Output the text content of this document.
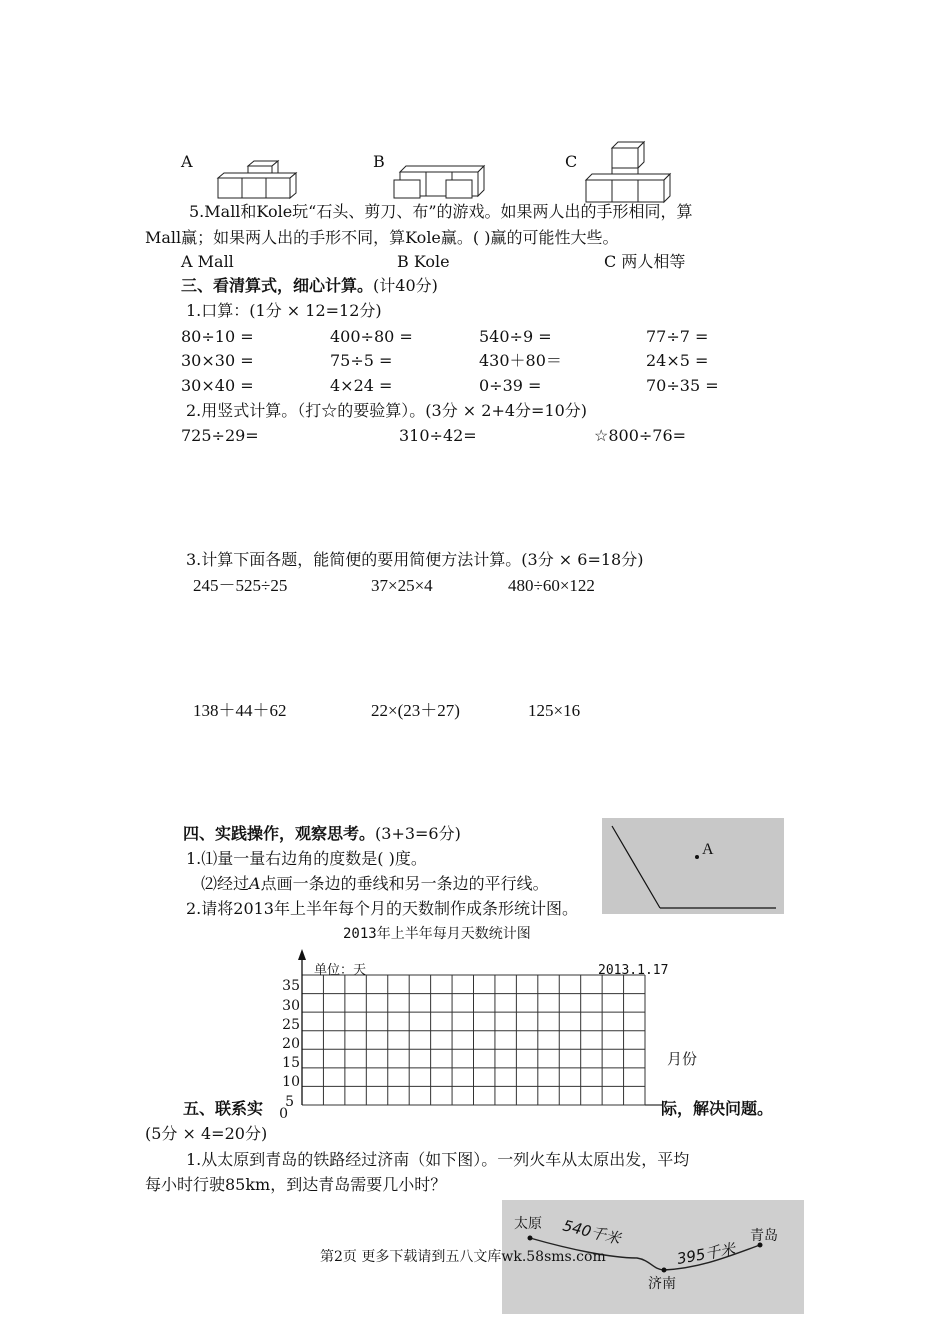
A	B	C
5.Mall和Kole玩“石头、剪刀、布”的游戏。如果两人出的手形相同，算
Mall赢；如果两人出的手形不同，算Kole赢。( )赢的可能性大些。
A Mall	B Kole	C 两人相等
三、看清算式，细心计算。(计40分)
1.口算：(1分 × 12=12分)
80÷10 =	400÷80 =	540÷9 =	77÷7 =
30×30 =	75÷5 =	430＋80＝	24×5 =
30×40 =	4×24 =	0÷39 =	70÷35 =
2.用竖式计算。（打☆的要验算）。(3分 × 2+4分=10分)
725÷29=	310÷42=	☆800÷76=
3.计算下面各题，能简便的要用简便方法计算。(3分 × 6=18分)
245－525÷25	37×25×4	480÷60×122
138＋44＋62	22×(23＋27)	125×16
A
四、实践操作，观察思考。(3+3=6分)
1.⑴量一量右边角的度数是( )度。
⑵经过A点画一条边的垂线和另一条边的平行线。
2.请将2013年上半年每个月的天数制作成条形统计图。
2013年上半年每月天数统计图
单位：天	2013.1.17
35
30
25
20
15
10
5
0
月份
五、联系实	际，解决问题。
(5分 × 4=20分)
1.从太原到青岛的铁路经过济南（如下图）。一列火车从太原出发，平均
每小时行驶85km，到达青岛需要几小时？
太原
济南
青岛
540千米
395千米
第2页 更多下载请到五八文库wk.58sms.com
